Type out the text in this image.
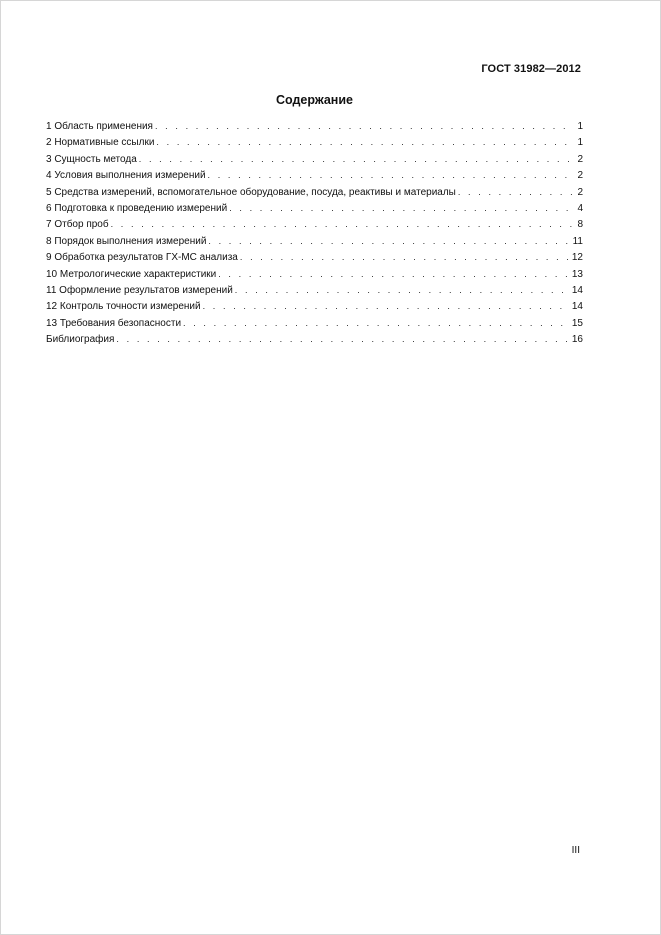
ГОСТ 31982—2012
Содержание
1 Область применения . . .	1
2 Нормативные ссылки . . .	1
3 Сущность метода . . .	2
4 Условия выполнения измерений . . .	2
5 Средства измерений, вспомогательное оборудование, посуда, реактивы и материалы . . .	2
6 Подготовка к проведению измерений . . .	4
7 Отбор проб . . .	8
8 Порядок выполнения измерений . . .	11
9 Обработка результатов ГХ-МС анализа . . .	12
10 Метрологические характеристики . . .	13
11 Оформление результатов измерений . . .	14
12 Контроль точности измерений . . .	14
13 Требования безопасности . . .	15
Библиография . . .	16
III
